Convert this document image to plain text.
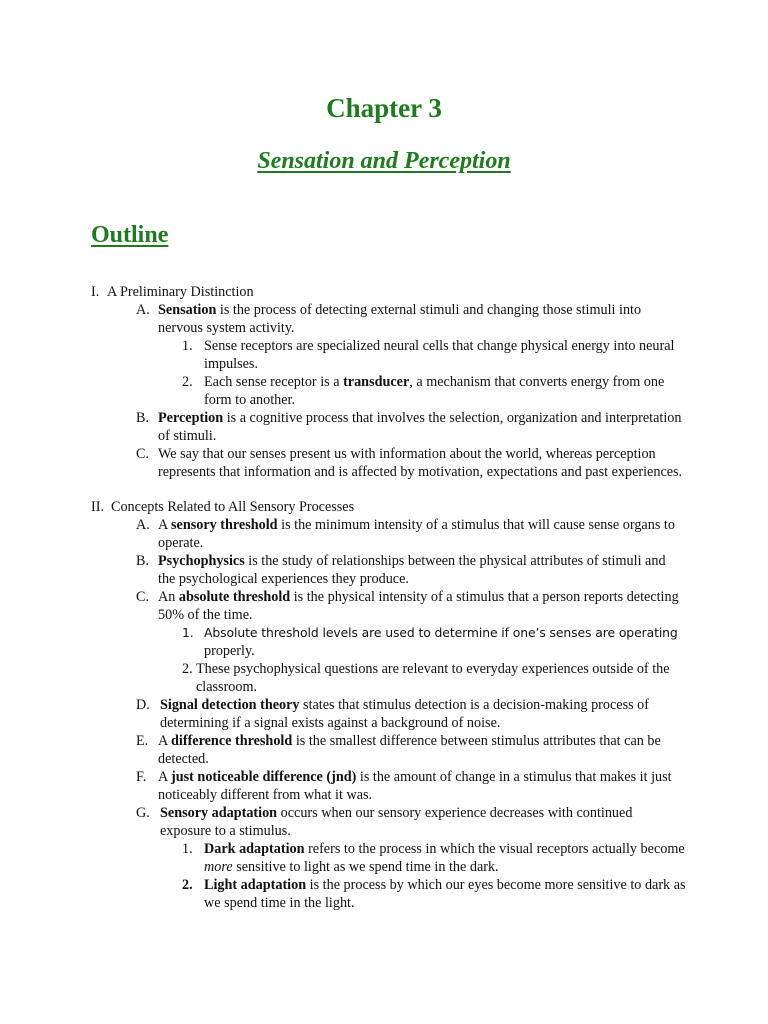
Chapter 3
Sensation and Perception
Outline
I. A Preliminary Distinction
A. Sensation is the process of detecting external stimuli and changing those stimuli into nervous system activity.
1. Sense receptors are specialized neural cells that change physical energy into neural impulses.
2. Each sense receptor is a transducer, a mechanism that converts energy from one form to another.
B. Perception is a cognitive process that involves the selection, organization and interpretation of stimuli.
C. We say that our senses present us with information about the world, whereas perception represents that information and is affected by motivation, expectations and past experiences.
II. Concepts Related to All Sensory Processes
A. A sensory threshold is the minimum intensity of a stimulus that will cause sense organs to operate.
B. Psychophysics is the study of relationships between the physical attributes of stimuli and the psychological experiences they produce.
C. An absolute threshold is the physical intensity of a stimulus that a person reports detecting 50% of the time.
1. Absolute threshold levels are used to determine if one’s senses are operating
properly.
2. These psychophysical questions are relevant to everyday experiences outside of the classroom.
D. Signal detection theory states that stimulus detection is a decision-making process of determining if a signal exists against a background of noise.
E. A difference threshold is the smallest difference between stimulus attributes that can be detected.
F. A just noticeable difference (jnd) is the amount of change in a stimulus that makes it just noticeably different from what it was.
G. Sensory adaptation occurs when our sensory experience decreases with continued exposure to a stimulus.
1. Dark adaptation refers to the process in which the visual receptors actually become more sensitive to light as we spend time in the dark.
2. Light adaptation is the process by which our eyes become more sensitive to dark as we spend time in the light.
